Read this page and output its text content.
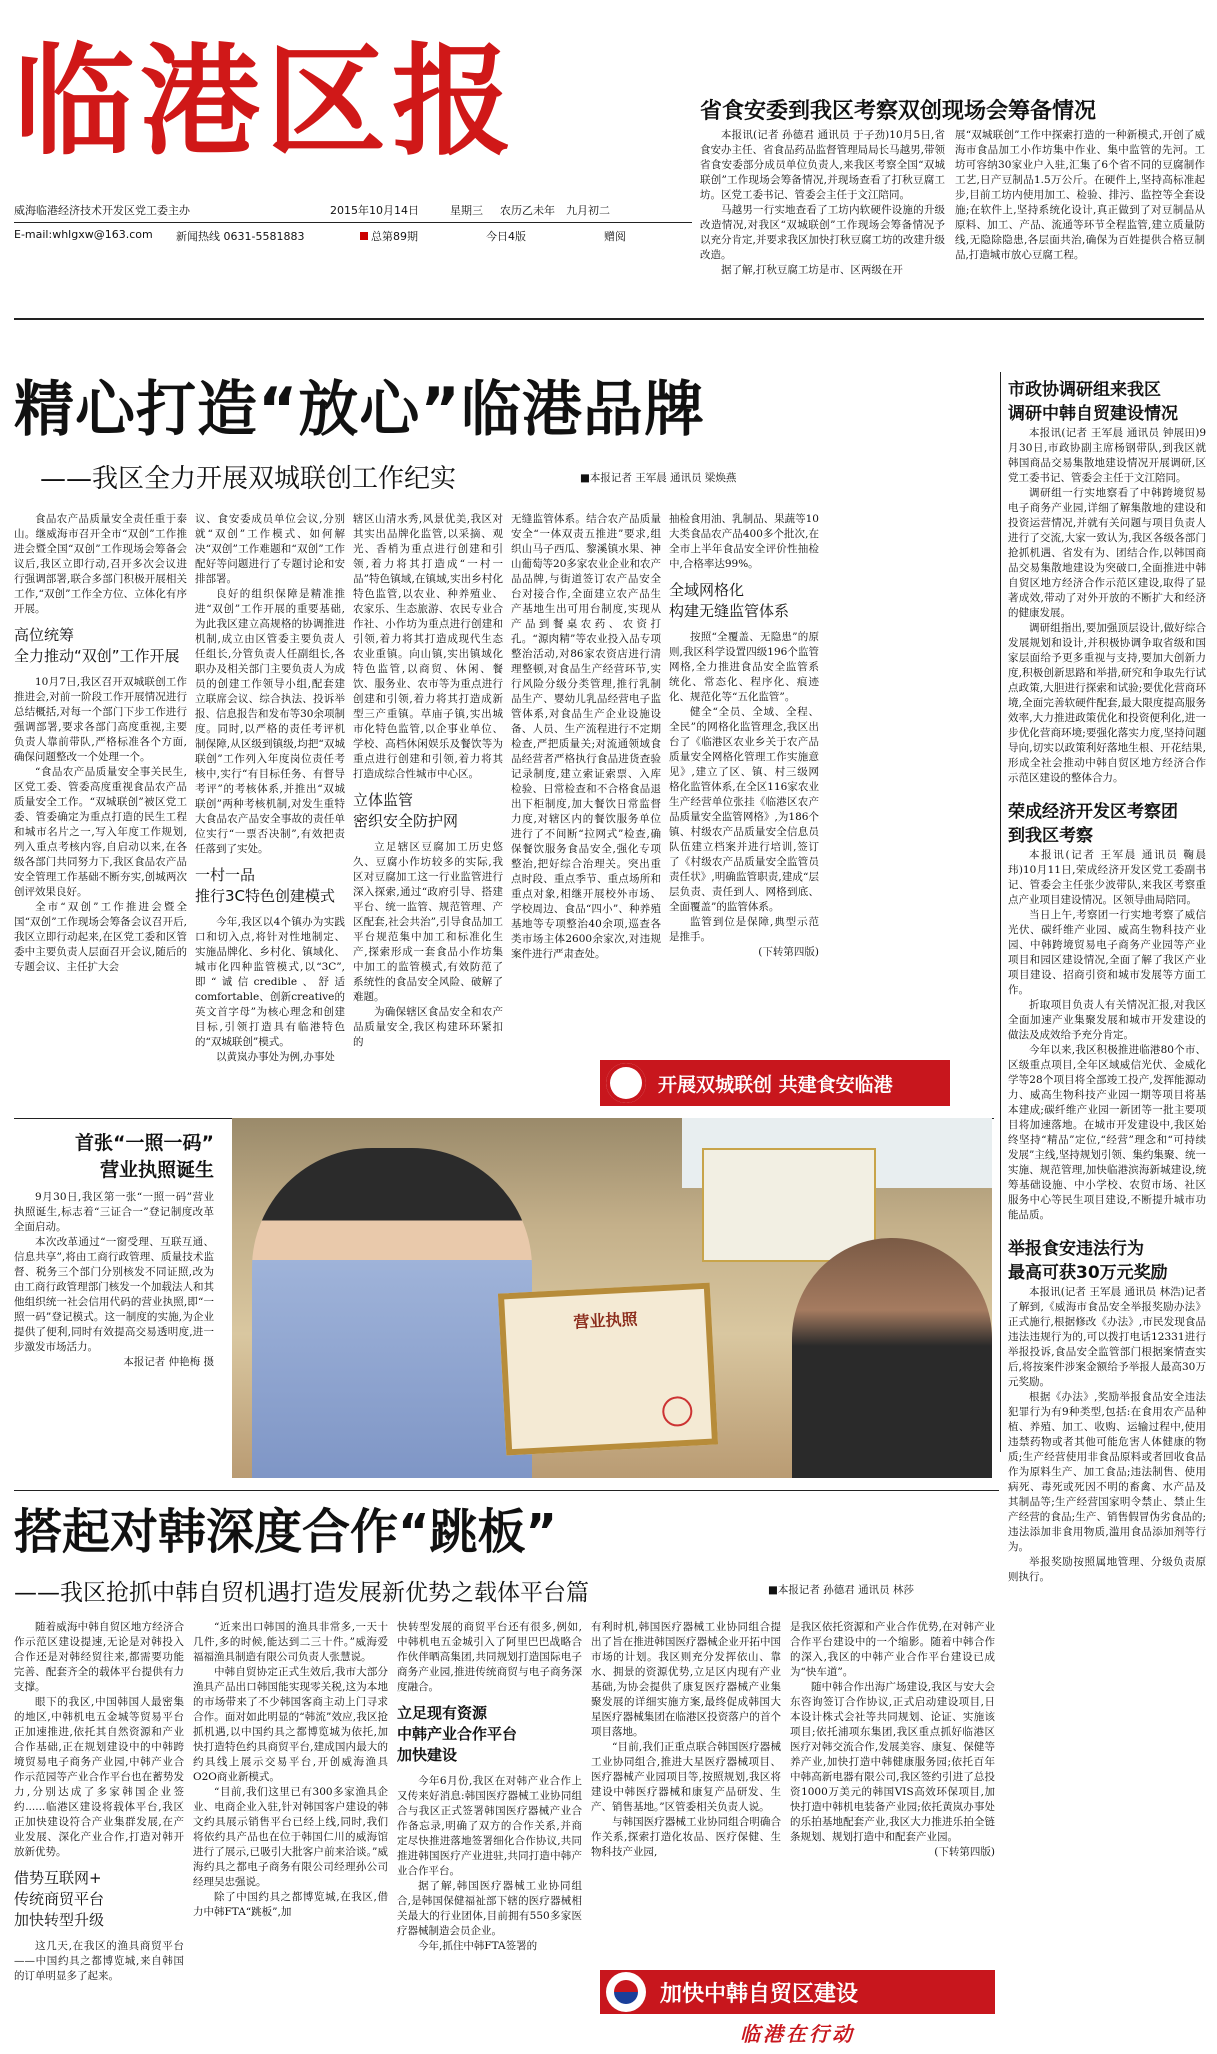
临港区报
威海临港经济技术开发区党工委主办	2015年10月14日	星期三 农历乙未年　九月初二
E-mail:whlgxw@163.com 新闻热线 0631-5581883	总第89期	今日4版	赠阅
省食安委到我区考察双创现场会筹备情况

本报讯(记者 孙德君 通讯员 于子劲)10月5日,省食安办主任、省食品药品监督管理局局长马越男,带领省食安委部分成员单位负责人,来我区考察全国“双城联创”工作现场会筹备情况,并现场查看了打秋豆腐工坊。区党工委书记、管委会主任于文江陪同。

马越男一行实地查看了工坊内软硬件设施的升级改造情况,对我区“双城联创”工作现场会筹备情况予以充分肯定,并要求我区加快打秋豆腐工坊的改建升级改造。

据了解,打秋豆腐工坊是市、区两级在开

展“双城联创”工作中探索打造的一种新模式,开创了威海市食品加工小作坊集中作业、集中监管的先河。工坊可容纳30家业户入驻,汇集了6个省不同的豆腐制作工艺,日产豆制品1.5万公斤。在硬件上,坚持高标准起步,目前工坊内使用加工、检验、排污、监控等全套设施;在软件上,坚持系统化设计,真正做到了对豆制品从原料、加工、产品、流通等环节全程监管,建立质量防线,无隐除隐患,各层面共治,确保为百姓提供合格豆制品,打造城市放心豆腐工程。

精心打造“放心”临港品牌
——我区全力开展双城联创工作纪实	■本报记者 王军晨 通讯员 梁焕燕

食品农产品质量安全责任重于泰山。继威海市召开全市“双创”工作推进会暨全国“双创”工作现场会筹备会议后,我区立即行动,召开多次会议进行强调部署,联合多部门积极开展相关工作,“双创”工作全方位、立体化有序开展。

高位统筹
全力推动“双创”工作开展

10月7日,我区召开双城联创工作推进会,对前一阶段工作开展情况进行总结概括,对每一个部门下步工作进行强调部署,要求各部门高度重视,主要负责人靠前带队,严格标准各个方面,确保问题整改一个处理一个。

“食品农产品质量安全事关民生,区党工委、管委高度重视食品农产品质量安全工作。“双城联创”被区党工委、管委确定为重点打造的民生工程和城市名片之一,写入年度工作规划,列入重点考核内容,自启动以来,在各级各部门共同努力下,我区食品农产品安全管理工作基础不断夯实,创城两次创评效果良好。

全市“双创”工作推进会暨全国“双创”工作现场会筹备会议召开后,我区立即行动起来,在区党工委和区管委中主要负责人层面召开会议,随后的专题会议、主任扩大会

议、食安委成员单位会议,分别就“双创”工作模式、如何解决“双创”工作难题和“双创”工作配好等问题进行了专题讨论和安排部署。

良好的组织保障是精准推进“双创”工作开展的重要基础,为此我区建立高规格的协调推进机制,成立由区管委主要负责人任组长,分管负责人任副组长,各职办及相关部门主要负责人为成员的创建工作领导小组,配套建立联席会议、综合执法、投诉举报、信息报告和发布等30余项制度。同时,以严格的责任考评机制保障,从区级到镇级,均把“双城联创”工作列入年度岗位责任考核中,实行“有目标任务、有督导考评”的考核体系,并推出“双城联创”两种考核机制,对发生重特大食品农产品安全事故的责任单位实行“一票否决制”,有效把责任落到了实处。

一村一品
推行3C特色创建模式

今年,我区以4个镇办为实践口和切入点,将针对性地制定、实施品牌化、乡村化、镇域化、城市化四种监管模式,以“3C”,即“诚信credible、舒适comfortable、创新creative的英文首字母”为核心理念和创建目标,引领打造具有临港特色的“双城联创”模式。

以黄岚办事处为例,办事处

辖区山清水秀,风景优美,我区对其实出品牌化监管,以采摘、观光、香梢为重点进行创建和引领,着力将其打造成“一村一品”特色镇域,在镇域,实出乡村化特色监管,以农业、种养殖业、农家乐、生态旅游、农民专业合作社、小作坊为重点进行创建和引领,着力将其打造成现代生态农业重镇。向山镇,实出镇域化特色监管,以商贸、休闲、餐饮、服务业、农市等为重点进行创建和引领,着力将其打造成新型三产重镇。草庙子镇,实出城市化特色监管,以企事业单位、学校、高档休闲娱乐及餐饮等为重点进行创建和引领,着力将其打造成综合性城市中心区。

立体监管
密织安全防护网

立足辖区豆腐加工历史悠久、豆腐小作坊较多的实际,我区对豆腐加工这一行业监管进行深入探索,通过“政府引导、搭建平台、统一监管、规范管理、产区配套,社会共治”,引导食品加工平台规范集中加工和标准化生产,探索形成一套食品小作坊集中加工的监管模式,有效防范了系统性的食品安全风险、破解了难题。

为确保辖区食品安全和农产品质量安全,我区构建环环紧扣的

无缝监管体系。结合农产品质量安全“一体双责五推进”要求,组织山马子西瓜、黎溪镇水果、神山葡萄等20多家农业企业和农产品品牌,与街道签订农产品安全台对接合作,全面建立农产品生产基地生出可用台制度,实现从产品到餐桌农药、农资打孔。“源肉精”等农业投入品专项整治活动,对86家农资店进行清理整顿,对食品生产经营环节,实行风险分级分类管理,推行乳制品生产、婴幼儿乳品经营电子监管体系,对食品生产企业设施设备、人员、生产流程进行不定期检查,严把质量关;对流通领域食品经营者严格执行食品进货查验记录制度,建立索证索票、入库检验、日常检查和不合格食品退出下柜制度,加大餐饮日常监督力度,对辖区内的餐饮服务单位进行了不间断“拉网式”检查,确保餐饮服务食品安全,强化专项整治,把好综合治理关。突出重点时段、重点季节、重点场所和重点对象,相继开展校外市场、学校周边、食品“四小”、种养殖基地等专项整治40余项,巡查各类市场主体2600余家次,对违规案件进行严肃查处。

抽检食用油、乳制品、果蔬等10大类食品农产品400多个批次,在全市上半年食品安全评价性抽检中,合格率达99%。

全域网格化
构建无缝监管体系

按照“全覆盖、无隐患”的原则,我区科学设置四级196个监管网格,全力推进食品安全监管系统化、常态化、程序化、痕迹化、规范化等“五化监管”。

健全“全员、全域、全程、全民”的网格化监管理念,我区出台了《临港区农业乡关于农产品质量安全网格化管理工作实施意见》,建立了区、镇、村三级网格化监管体系,在全区116家农业生产经营单位张挂《临港区农产品质量安全监管网格》,为186个镇、村级农产品质量安全信息员队伍建立档案并进行培训,签订了《村级农产品质量安全监管员责任状》,明确监管职责,建成“层层负责、责任到人、网格到底、全面覆盖”的监管体系。

监管到位是保障,典型示范是推手。

(下转第四版)
开展双城联创 共建食安临港
市政协调研组来我区
调研中韩自贸建设情况

本报讯(记者 王军晨 通讯员 钟展田)9月30日,市政协副主席杨钢带队,到我区就韩国商品交易集散地建设情况开展调研,区党工委书记、管委会主任于文江陪同。

调研组一行实地察看了中韩跨境贸易电子商务产业园,详细了解集散地的建设和投资运营情况,并就有关问题与项目负责人进行了交流,大家一致认为,我区各级各部门抢抓机遇、省发有为、团结合作,以韩国商品交易集散地建设为突破口,全面推进中韩自贸区地方经济合作示范区建设,取得了显著成效,带动了对外开放的不断扩大和经济的健康发展。

调研组指出,要加强顶层设计,做好综合发展规划和设计,并积极协调争取省级和国家层面给予更多重视与支持,要加大创新力度,积极创新思路和举措,研究和争取先行试点政策,大胆进行探索和试验;要优化营商环境,全面完善软硬件配套,最大限度提高服务效率,大力推进政策优化和投资便利化,进一步优化营商环境;要强化落实力度,坚持问题导向,切实以政策利好落地生根、开花结果,形成全社会推动中韩自贸区地方经济合作示范区建设的整体合力。

荣成经济开发区考察团
到我区考察

本报讯(记者 王军晨 通讯员 鞠晨玮)10月11日,荣成经济开发区党工委副书记、管委会主任张少波带队,来我区考察重点产业项目建设情况。区领导曲局陪同。

当日上午,考察团一行实地考察了威信光伏、碳纤维产业园、威高生物科技产业园、中韩跨境贸易电子商务产业园等产业项目和园区建设情况,全面了解了我区产业项目建设、招商引资和城市发展等方面工作。

折取项目负责人有关情况汇报,对我区全面加速产业集聚发展和城市开发建设的做法及成效给予充分肯定。

今年以来,我区积极推进临港80个市、区级重点项目,全年区域威信光伏、金威化学等28个项目将全部竣工投产,发挥能源动力、威高生物科技产业园一期等项目将基本建成;碳纤维产业园一新团等一批主要项目将加速落地。在城市开发建设中,我区始终坚持“精品”定位,“经营”理念和“可持续发展”主线,坚持规划引领、集约集聚、统一实施、规范管理,加快临港滨海新城建设,统筹基础设施、中小学校、农贸市场、社区服务中心等民生项目建设,不断提升城市功能品质。

举报食安违法行为
最高可获30万元奖励

本报讯(记者 王军晨 通讯员 林浩)记者了解到,《威海市食品安全举报奖励办法》正式施行,根据修改《办法》,市民发现食品违法违规行为的,可以拨打电话12331进行举报投诉,食品安全监管部门根据案情查实后,将按案件涉案金额给予举报人最高30万元奖励。

根据《办法》,奖励举报食品安全违法犯罪行为有9种类型,包括:在食用农产品种植、养殖、加工、收购、运输过程中,使用违禁药物或者其他可能危害人体健康的物质;生产经营使用非食品原料或者回收食品作为原料生产、加工食品;违法制售、使用病死、毒死或死因不明的畜禽、水产品及其制品等;生产经营国家明令禁止、禁止生产经营的食品;生产、销售假冒伪劣食品的;违法添加非食用物质,滥用食品添加剂等行为。

举报奖励按照属地管理、分级负责原则执行。

首张“一照一码”
营业执照诞生

9月30日,我区第一张“一照一码”营业执照诞生,标志着“三证合一”登记制度改革全面启动。

本次改革通过“一窗受理、互联互通、信息共享”,将由工商行政管理、质量技术监督、税务三个部门分别核发不同证照,改为由工商行政管理部门核发一个加载法人和其他组织统一社会信用代码的营业执照,即“一照一码”登记模式。这一制度的实施,为企业提供了便利,同时有效提高交易透明度,进一步激发市场活力。

本报记者 仲艳梅 摄
营业执照
搭起对韩深度合作“跳板”
——我区抢抓中韩自贸机遇打造发展新优势之载体平台篇	■本报记者 孙德君 通讯员 林莎

随着威海中韩自贸区地方经济合作示范区建设提速,无论是对韩投入合作还是对韩经贸往来,都需要功能完善、配套齐全的载体平台提供有力支撑。

眼下的我区,中国韩国人最密集的地区,中韩机电五金城等贸易平台正加速推进,依托其自然资源和产业合作基础,正在规划建设中的中韩跨境贸易电子商务产业园,中韩产业合作示范园等产业合作平台也在蓄势发力,分别达成了多家韩国企业签约......临港区建设将载体平台,我区正加快建设符合产业集群发展,在产业发展、深化产业合作,打造对韩开放新优势。

借势互联网+
传统商贸平台
加快转型升级

这几天,在我区的渔具商贸平台——中国约具之都博览城,来自韩国的订单明显多了起来。

“近来出口韩国的渔具非常多,一天十几件,多的时候,能达到二三十件。”威海爱福福渔具制造有限公司负责人张慧说。

中韩自贸协定正式生效后,我市大部分渔具产品出口韩国能实现零关税,这为本地的市场带来了不少韩国客商主动上门寻求合作。面对如此明显的“韩流”效应,我区抢抓机遇,以中国约具之都博览城为依托,加快打造特色约具商贸平台,建成国内最大的约具线上展示交易平台,开创威海渔具O2O商业新模式。

“目前,我们这里已有300多家渔具企业、电商企业入驻,针对韩国客户建设的韩文约具展示销售平台已经上线,同时,我们将依约具产品也在位于韩国仁川的威海馆进行了展示,已吸引大批客户前来洽谈。”威海约具之都电子商务有限公司经理孙公司经理吴忠强说。

除了中国约具之都博览城,在我区,借力中韩FTA“跳板”,加

快转型发展的商贸平台还有很多,例如,中韩机电五金城引入了阿里巴巴战略合作伙伴晒高集团,共同规划打造国际电子商务产业园,推进传统商贸与电子商务深度融合。

立足现有资源
中韩产业合作平台
加快建设

今年6月份,我区在对韩产业合作上又传来好消息:韩国医疗器械工业协同组合与我区正式签署韩国医疗器械产业合作备忘录,明确了双方的合作关系,并商定尽快推进落地签署细化合作协议,共同推进韩国医疗产业进驻,共同打造中韩产业合作平台。

据了解,韩国医疗器械工业协同组合,是韩国保健福祉部下辖的医疗器械相关最大的行业团体,目前拥有550多家医疗器械制造会员企业。

今年,抓住中韩FTA签署的

有利时机,韩国医疗器械工业协同组合提出了旨在推进韩国医疗器械企业开拓中国市场的计划。我区则充分发挥依山、靠水、拥景的资源优势,立足区内现有产业基础,为协会提供了康复医疗器械产业集聚发展的详细实施方案,最终促成韩国大星医疗器械集团在临港区投资落户的首个项目落地。

“目前,我们正重点联合韩国医疗器械工业协同组合,推进大星医疗器械项目、医疗器械产业园项目等,按照规划,我区将建设中韩医疗器械和康复产品研发、生产、销售基地。”区管委相关负责人说。

与韩国医疗器械工业协同组合明确合作关系,探索打造化妆品、医疗保健、生物科技产业园,

是我区依托资源和产业合作优势,在对韩产业合作平台建设中的一个缩影。随着中韩合作的深入,我区的中韩产业合作平台建设已成为“快车道”。

随中韩合作出海广场建设,我区与安大会东咨询签订合作协议,正式启动建设项目,日本设计株式会社等共同规划、论证、实施该项目;依托浦项东集团,我区重点抓好临港区医疗对韩交流合作,发展美容、康复、保健等养产业,加快打造中韩健康服务园;依托百年中韩高新电器有限公司,我区签约引进了总投资1000万美元的韩国VIS高效环保项目,加快打造中韩机电装备产业园;依托黄岚办事处的乐拍基地配套产业,我区大力推进乐拍全链条规划、规划打造中和配套产业园。

(下转第四版)
加快中韩自贸区建设
临港在行动
